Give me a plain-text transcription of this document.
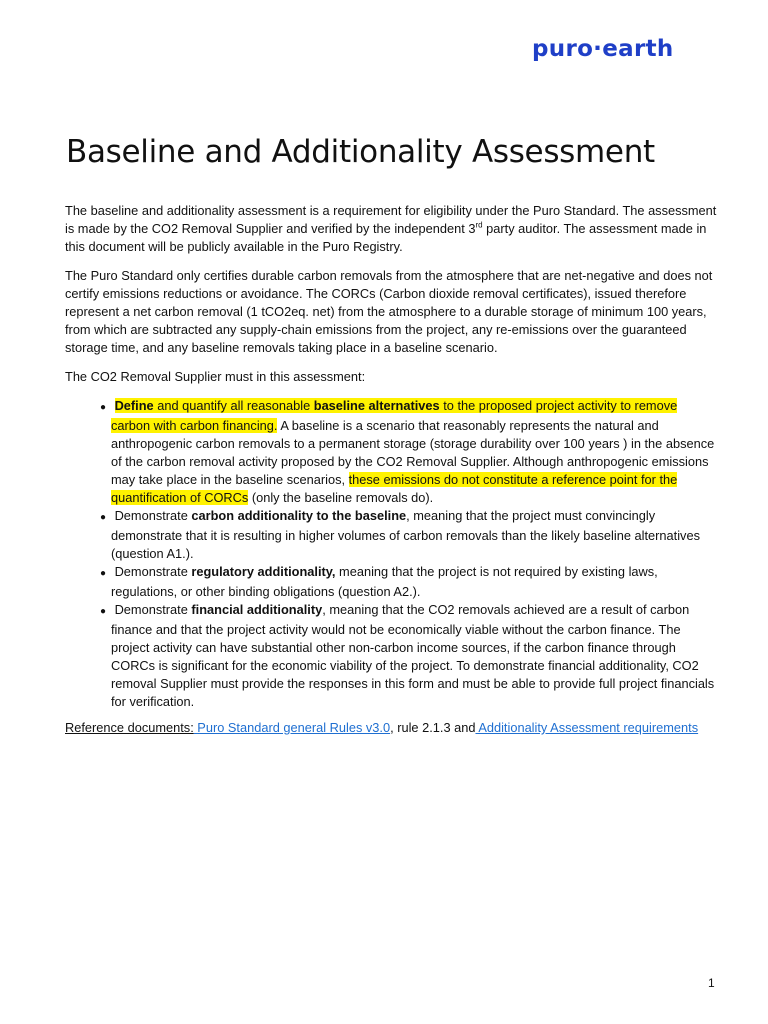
puro·earth
Baseline and Additionality Assessment

The baseline and additionality assessment is a requirement for eligibility under the Puro Standard. The assessment is made by the CO2 Removal Supplier and verified by the independent 3rd party auditor. The assessment made in this document will be publicly available in the Puro Registry.

The Puro Standard only certifies durable carbon removals from the atmosphere that are net-negative and does not certify emissions reductions or avoidance. The CORCs (Carbon dioxide removal certificates), issued therefore represent a net carbon removal (1 tCO2eq. net) from the atmosphere to a durable storage of minimum 100 years, from which are subtracted any supply-chain emissions from the project, any re-emissions over the guaranteed storage time, and any baseline removals taking place in a baseline scenario.

The CO2 Removal Supplier must in this assessment:

● Define and quantify all reasonable baseline alternatives to the proposed project activity to remove carbon with carbon financing. A baseline is a scenario that reasonably represents the natural and anthropogenic carbon removals to a permanent storage (storage durability over 100 years ) in the absence of the carbon removal activity proposed by the CO2 Removal Supplier. Although anthropogenic emissions may take place in the baseline scenarios, these emissions do not constitute a reference point for the quantification of CORCs (only the baseline removals do).
● Demonstrate carbon additionality to the baseline, meaning that the project must convincingly demonstrate that it is resulting in higher volumes of carbon removals than the likely baseline alternatives (question A1.).
● Demonstrate regulatory additionality, meaning that the project is not required by existing laws, regulations, or other binding obligations (question A2.).
● Demonstrate financial additionality, meaning that the CO2 removals achieved are a result of carbon finance and that the project activity would not be economically viable without the carbon finance. The project activity can have substantial other non-carbon income sources, if the carbon finance through CORCs is significant for the economic viability of the project. To demonstrate financial additionality, CO2 removal Supplier must provide the responses in this form and must be able to provide full project financials for verification.

Reference documents: Puro Standard general Rules v3.0, rule 2.1.3 and Additionality Assessment requirements

1
